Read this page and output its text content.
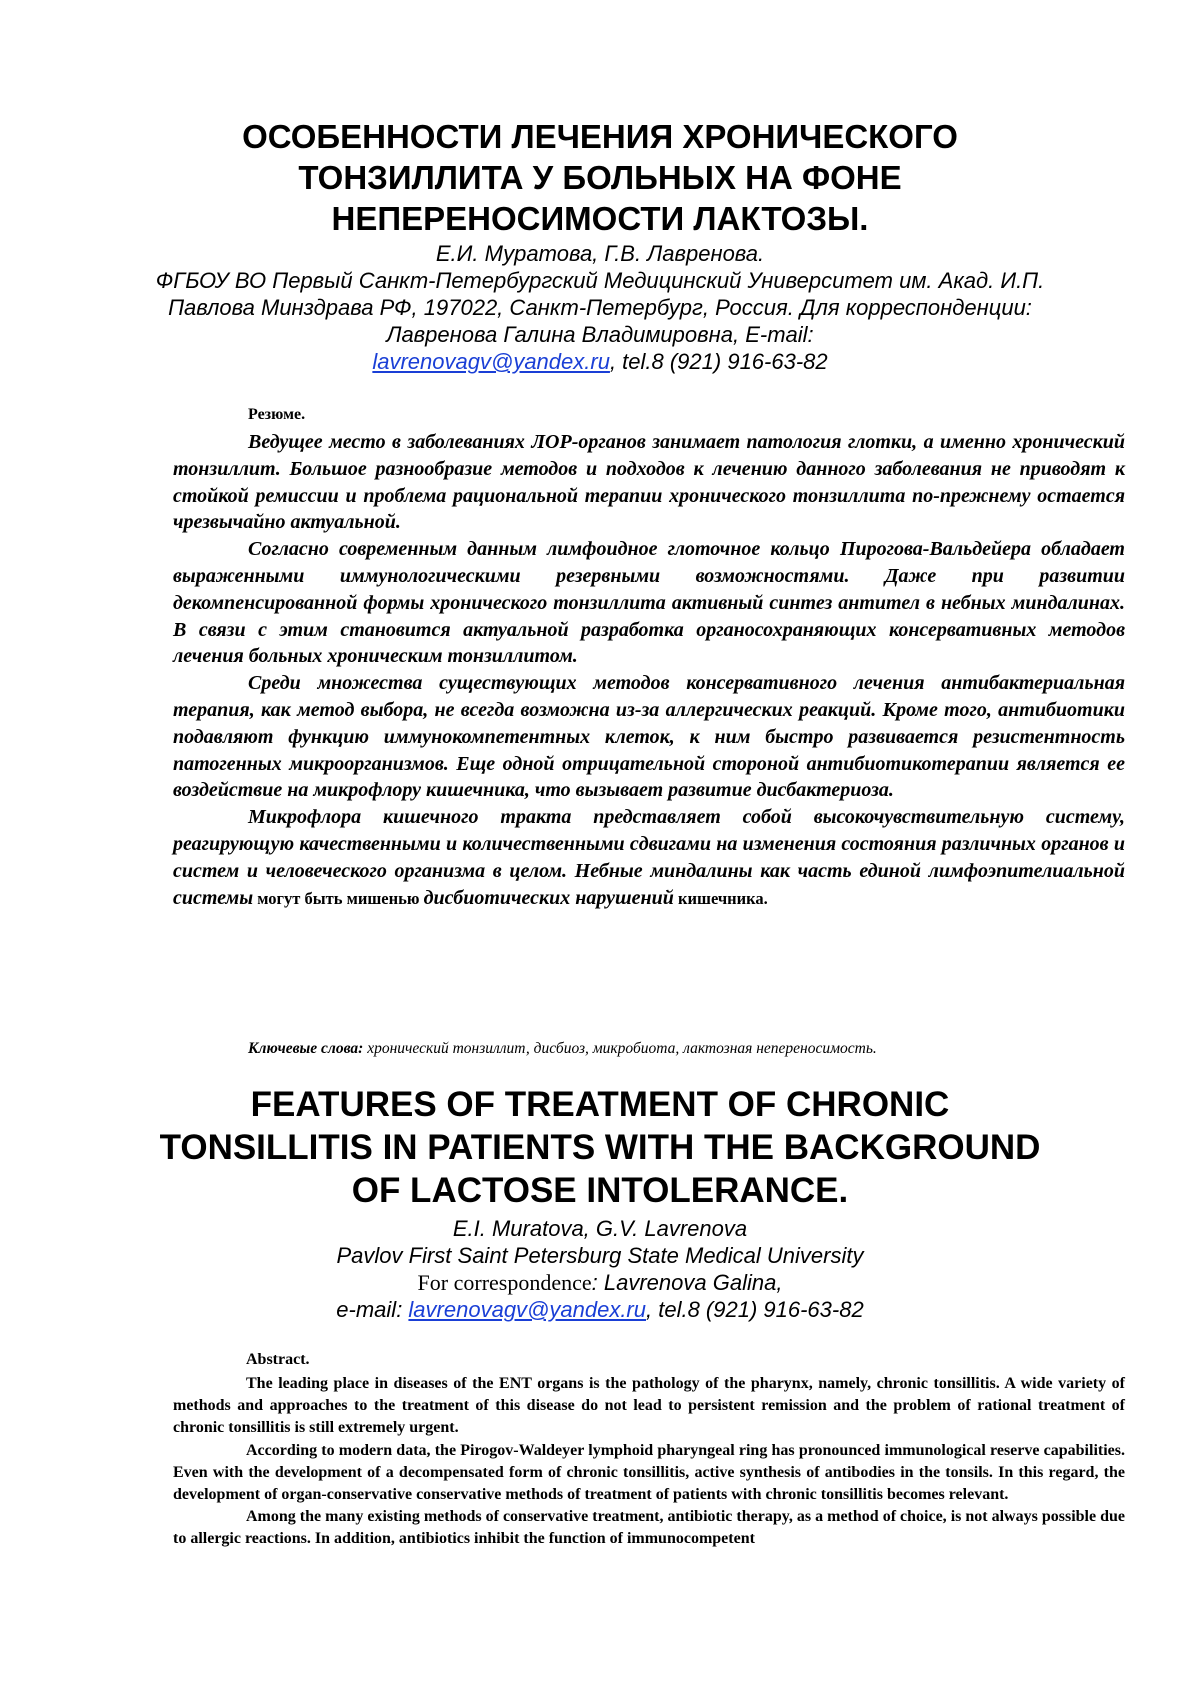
ОСОБЕННОСТИ ЛЕЧЕНИЯ ХРОНИЧЕСКОГО ТОНЗИЛЛИТА У БОЛЬНЫХ НА ФОНЕ НЕПЕРЕНОСИМОСТИ ЛАКТОЗЫ.

Е.И. Муратова, Г.В. Лавренова.

ФГБОУ ВО Первый Санкт-Петербургский Медицинский Университет им. Акад. И.П. Павлова Минздрава РФ, 197022, Санкт-Петербург, Россия. Для корреспонденции: Лавренова Галина Владимировна, E-mail:
lavrenovagv@yandex.ru, tel.8 (921) 916-63-82

Резюме.

Ведущее место в заболеваниях ЛОР-органов занимает патология глотки, а именно хронический тонзиллит. Большое разнообразие методов и подходов к лечению данного заболевания не приводят к стойкой ремиссии и проблема рациональной терапии хронического тонзиллита по-прежнему остается чрезвычайно актуальной.

Согласно современным данным лимфоидное глоточное кольцо Пирогова-Вальдейера обладает выраженными иммунологическими резервными возможностями. Даже при развитии декомпенсированной формы хронического тонзиллита активный синтез антител в небных миндалинах. В связи с этим становится актуальной разработка органосохраняющих консервативных методов лечения больных хроническим тонзиллитом.

Среди множества существующих методов консервативного лечения антибактериальная терапия, как метод выбора, не всегда возможна из-за аллергических реакций. Кроме того, антибиотики подавляют функцию иммунокомпетентных клеток, к ним быстро развивается резистентность патогенных микроорганизмов. Еще одной отрицательной стороной антибиотикотерапии является ее воздействие на микрофлору кишечника, что вызывает развитие дисбактериоза.

Микрофлора кишечного тракта представляет собой высокочувствительную систему, реагирующую качественными и количественными сдвигами на изменения состояния различных органов и систем и человеческого организма в целом. Небные миндалины как часть единой лимфоэпителиальной системы могут быть мишенью дисбиотических нарушений кишечника.

Ключевые слова: хронический тонзиллит, дисбиоз, микробиота, лактозная непереносимость.

FEATURES OF TREATMENT OF CHRONIC TONSILLITIS IN PATIENTS WITH THE BACKGROUND OF LACTOSE INTOLERANCE.

E.I. Muratova, G.V. Lavrenova

Pavlov First Saint Petersburg State Medical University

For correspondence: Lavrenova Galina,

e-mail: lavrenovagv@yandex.ru, tel.8 (921) 916-63-82

Abstract.

The leading place in diseases of the ENT organs is the pathology of the pharynx, namely, chronic tonsillitis. A wide variety of methods and approaches to the treatment of this disease do not lead to persistent remission and the problem of rational treatment of chronic tonsillitis is still extremely urgent.

According to modern data, the Pirogov-Waldeyer lymphoid pharyngeal ring has pronounced immunological reserve capabilities. Even with the development of a decompensated form of chronic tonsillitis, active synthesis of antibodies in the tonsils. In this regard, the development of organ-conservative conservative methods of treatment of patients with chronic tonsillitis becomes relevant.

Among the many existing methods of conservative treatment, antibiotic therapy, as a method of choice, is not always possible due to allergic reactions. In addition, antibiotics inhibit the function of immunocompetent
